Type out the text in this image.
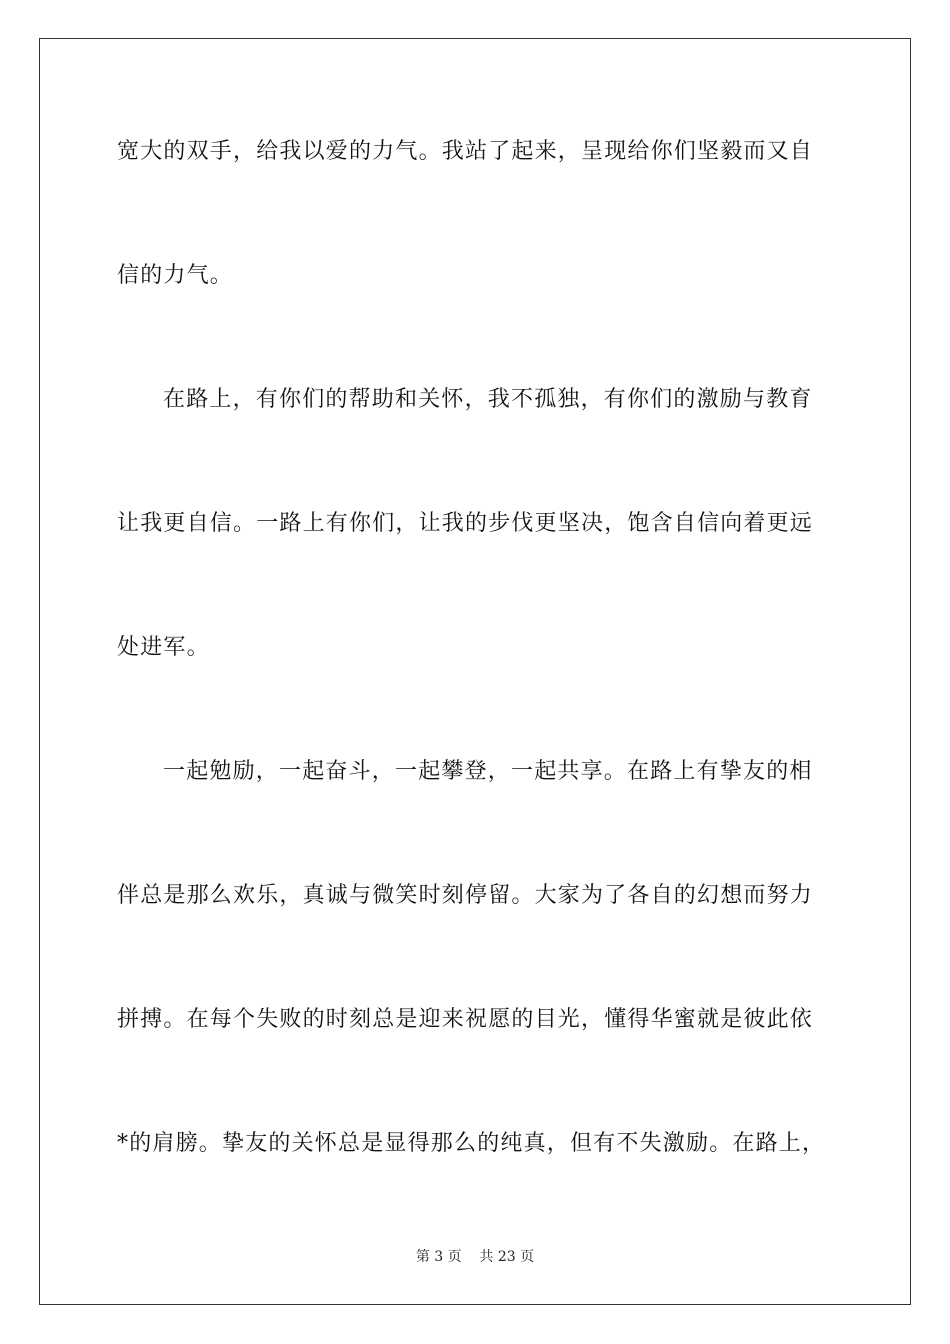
宽大的双手，给我以爱的力气。我站了起来，呈现给你们坚毅而又自
信的力气。
在路上，有你们的帮助和关怀，我不孤独，有你们的激励与教育
让我更自信。一路上有你们，让我的步伐更坚决，饱含自信向着更远
处进军。
一起勉励，一起奋斗，一起攀登，一起共享。在路上有挚友的相
伴总是那么欢乐，真诚与微笑时刻停留。大家为了各自的幻想而努力
拼搏。在每个失败的时刻总是迎来祝愿的目光，懂得华蜜就是彼此依
*的肩膀。挚友的关怀总是显得那么的纯真，但有不失激励。在路上，
第 3 页    共 23 页
